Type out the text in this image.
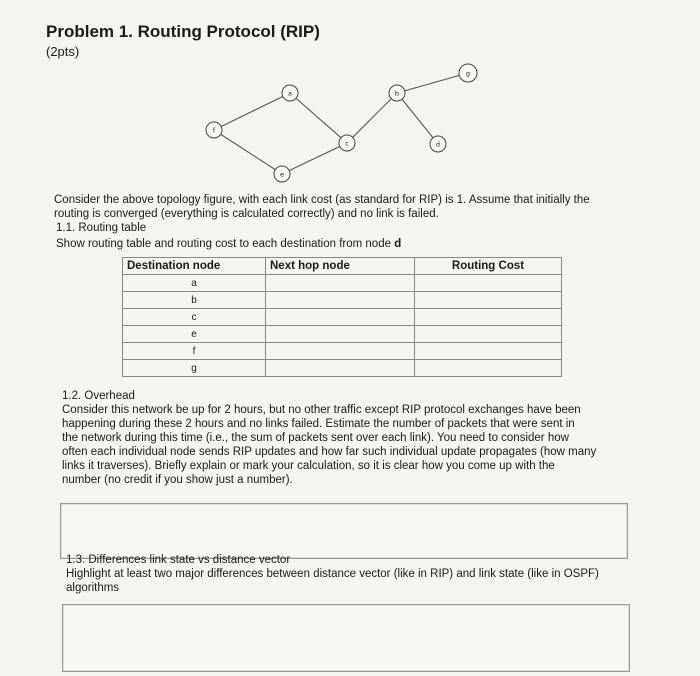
Problem 1. Routing Protocol (RIP)
(2pts)
a	b
c	d
e
f
g
Consider the above topology figure, with each link cost (as standard for RIP) is 1. Assume that initially the
routing is converged (everything is calculated correctly) and no link is failed.
1.1. Routing table
Show routing table and routing cost to each destination from node d
Destination node	Next hop node	Routing Cost
a		
b		
c		
e		
f		
g		
1.2. Overhead
Consider this network be up for 2 hours, but no other traffic except RIP protocol exchanges have been
happening during these 2 hours and no links failed. Estimate the number of packets that were sent in
the network during this time (i.e., the sum of packets sent over each link). You need to consider how
often each individual node sends RIP updates and how far such individual update propagates (how many
links it traverses). Briefly explain or mark your calculation, so it is clear how you come up with the
number (no credit if you show just a number).
1.3. Differences link state vs distance vector
Highlight at least two major differences between distance vector (like in RIP) and link state (like in OSPF)
algorithms
